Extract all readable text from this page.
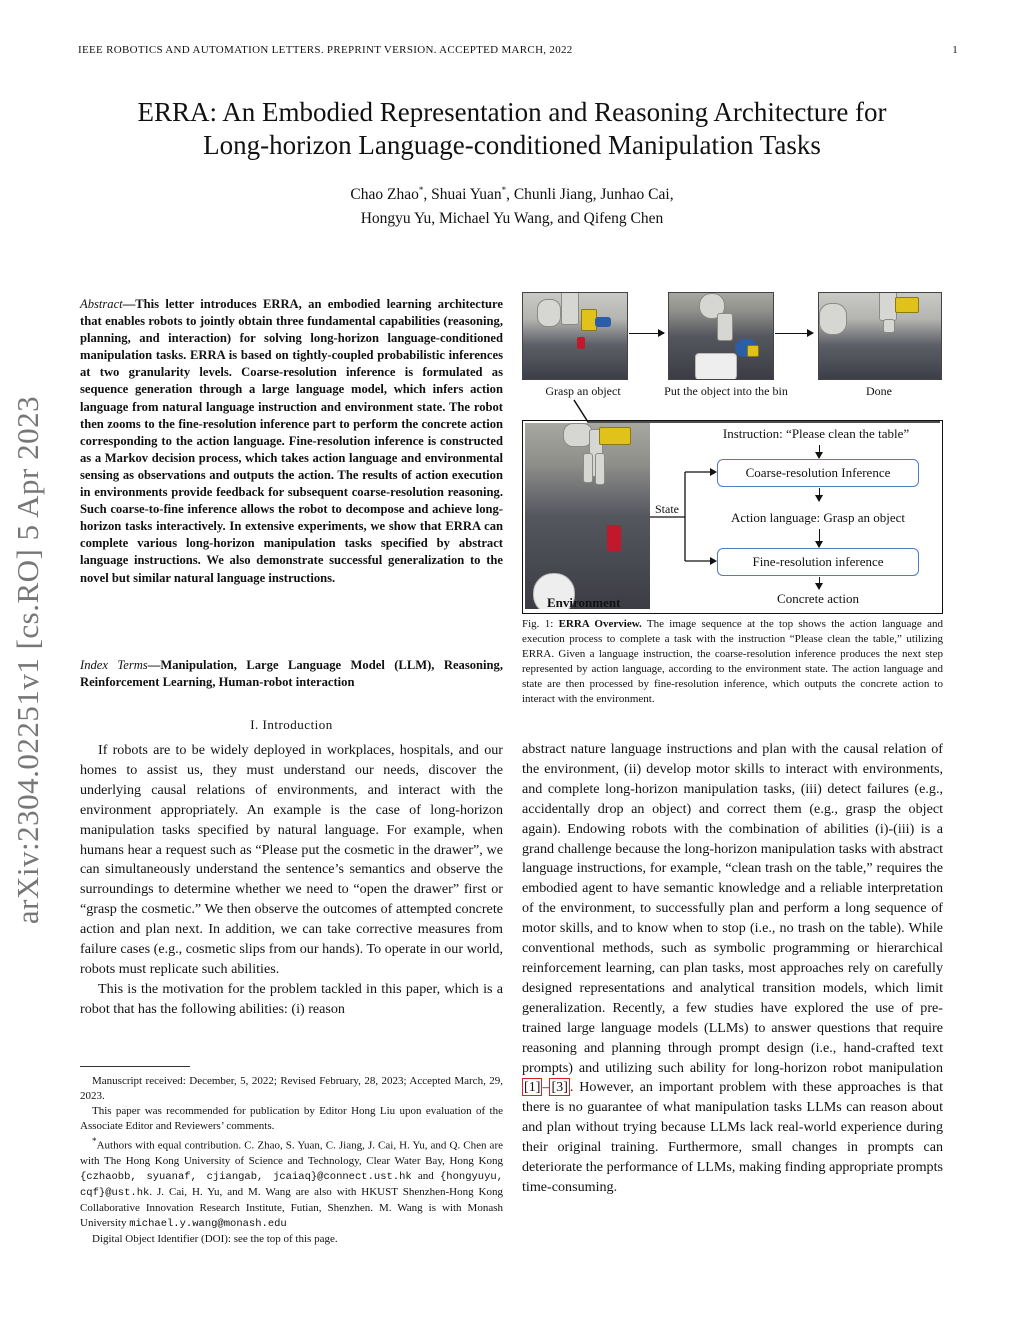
IEEE ROBOTICS AND AUTOMATION LETTERS. PREPRINT VERSION. ACCEPTED MARCH, 2022	1
ERRA: An Embodied Representation and Reasoning Architecture for
Long-horizon Language-conditioned Manipulation Tasks
Chao Zhao*, Shuai Yuan*, Chunli Jiang, Junhao Cai,
Hongyu Yu, Michael Yu Wang, and Qifeng Chen
arXiv:2304.02251v1 [cs.RO] 5 Apr 2023
Abstract—This letter introduces ERRA, an embodied learning architecture that enables robots to jointly obtain three fundamental capabilities (reasoning, planning, and interaction) for solving long-horizon language-conditioned manipulation tasks. ERRA is based on tightly-coupled probabilistic inferences at two granularity levels. Coarse-resolution inference is formulated as sequence generation through a large language model, which infers action language from natural language instruction and environment state. The robot then zooms to the fine-resolution inference part to perform the concrete action corresponding to the action language. Fine-resolution inference is constructed as a Markov decision process, which takes action language and environmental sensing as observations and outputs the action. The results of action execution in environments provide feedback for subsequent coarse-resolution reasoning. Such coarse-to-fine inference allows the robot to decompose and achieve long-horizon tasks interactively. In extensive experiments, we show that ERRA can complete various long-horizon manipulation tasks specified by abstract language instructions. We also demonstrate successful generalization to the novel but similar natural language instructions.
Index Terms—Manipulation, Large Language Model (LLM), Reasoning, Reinforcement Learning, Human-robot interaction
I. Introduction

If robots are to be widely deployed in workplaces, hospitals, and our homes to assist us, they must understand our needs, discover the underlying causal relations of environments, and interact with the environment appropriately. An example is the case of long-horizon manipulation tasks specified by natural language. For example, when humans hear a request such as “Please put the cosmetic in the drawer”, we can simultaneously understand the sentence’s semantics and observe the surroundings to determine whether we need to “open the drawer” first or “grasp the cosmetic.” We then observe the outcomes of attempted concrete action and plan next. In addition, we can take corrective measures from failure cases (e.g., cosmetic slips from our hands). To operate in our world, robots must replicate such abilities.

This is the motivation for the problem tackled in this paper, which is a robot that has the following abilities: (i) reason

Manuscript received: December, 5, 2022; Revised February, 28, 2023; Accepted March, 29, 2023.

This paper was recommended for publication by Editor Hong Liu upon evaluation of the Associate Editor and Reviewers’ comments.

*Authors with equal contribution. C. Zhao, S. Yuan, C. Jiang, J. Cai, H. Yu, and Q. Chen are with The Hong Kong University of Science and Technology, Clear Water Bay, Hong Kong {czhaobb, syuanaf, cjiangab, jcaiaq}@connect.ust.hk and {hongyuyu, cqf}@ust.hk. J. Cai, H. Yu, and M. Wang are also with HKUST Shenzhen-Hong Kong Collaborative Innovation Research Institute, Futian, Shenzhen. M. Wang is with Monash University michael.y.wang@monash.edu

Digital Object Identifier (DOI): see the top of this page.

Grasp an object	Put the object into the bin	Done
Environment
Instruction: “Please clean the table”
Coarse-resolution Inference
Action language: Grasp an object
Fine-resolution inference
Concrete action
State
Fig. 1: ERRA Overview. The image sequence at the top shows the action language and execution process to complete a task with the instruction “Please clean the table,” utilizing ERRA. Given a language instruction, the coarse-resolution inference produces the next step represented by action language, according to the environment state. The action language and state are then processed by fine-resolution inference, which outputs the concrete action to interact with the environment.
abstract nature language instructions and plan with the causal relation of the environment, (ii) develop motor skills to interact with environments, and complete long-horizon manipulation tasks, (iii) detect failures (e.g., accidentally drop an object) and correct them (e.g., grasp the object again). Endowing robots with the combination of abilities (i)-(iii) is a grand challenge because the long-horizon manipulation tasks with abstract language instructions, for example, “clean trash on the table,” requires the embodied agent to have semantic knowledge and a reliable interpretation of the environment, to successfully plan and perform a long sequence of motor skills, and to know when to stop (i.e., no trash on the table). While conventional methods, such as symbolic programming or hierarchical reinforcement learning, can plan tasks, most approaches rely on carefully designed representations and analytical transition models, which limit generalization. Recently, a few studies have explored the use of pre-trained large language models (LLMs) to answer questions that require reasoning and planning through prompt design (i.e., hand-crafted text prompts) and utilizing such ability for long-horizon robot manipulation [1] – [3] . However, an important problem with these approaches is that there is no guarantee of what manipulation tasks LLMs can reason about and plan without trying because LLMs lack real-world experience during their original training. Furthermore, small changes in prompts can deteriorate the performance of LLMs, making finding appropriate prompts time-consuming.
